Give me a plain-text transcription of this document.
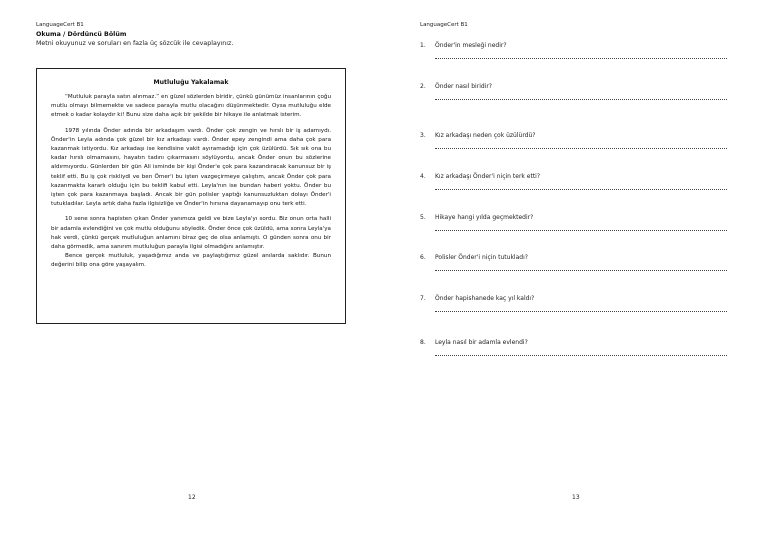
LanguageCert B1
Okuma / Dördüncü Bölüm
Metni okuyunuz ve soruları en fazla üç sözcük ile cevaplayınız.
Mutluluğu Yakalamak

“Mutluluk parayla satın alınmaz.” en güzel sözlerden biridir, çünkü günümüz insanlarının çoğu mutlu olmayı bilmemekte ve sadece parayla mutlu olacağını düşünmektedir. Oysa mutluluğu elde etmek o kadar kolaydır ki! Bunu size daha açık bir şekilde bir hikaye ile anlatmak isterim.

1978 yılında Önder adında bir arkadaşım vardı. Önder çok zengin ve hırslı bir iş adamıydı. Önder'in Leyla adında çok güzel bir kız arkadaşı vardı. Önder epey zengindi ama daha çok para kazanmak istiyordu. Kız arkadaşı ise kendisine vakit ayıramadığı için çok üzülürdü. Sık sık ona bu kadar hırslı olmamasını, hayatın tadını çıkarmasını söylüyordu, ancak Önder onun bu sözlerine aldırmıyordu. Günlerden bir gün Ali isminde bir kişi Önder'e çok para kazandıracak kanunsuz bir iş teklif etti. Bu iş çok riskliydi ve ben Ömer'i bu işten vazgeçirmeye çalıştım, ancak Önder çok para kazanmakta kararlı olduğu için bu teklifi kabul etti. Leyla'nın ise bundan haberi yoktu. Önder bu işten çok para kazanmaya başladı. Ancak bir gün polisler yaptığı kanunsuzluktan dolayı Önder'i tutukladılar. Leyla artık daha fazla ilgisizliğe ve Önder'in hırsına dayanamayıp onu terk etti.

10 sene sonra hapisten çıkan Önder yanımıza geldi ve bize Leyla'yı sordu. Biz onun orta halli bir adamla evlendiğini ve çok mutlu olduğunu söyledik. Önder önce çok üzüldü, ama sonra Leyla'ya hak verdi, çünkü gerçek mutluluğun anlamını biraz geç de olsa anlamıştı. O günden sonra onu bir daha görmedik, ama sanırım mutluluğun parayla ilgisi olmadığını anlamıştır.

Bence gerçek mutluluk, yaşadığımız anda ve paylaştığımız güzel anılarda saklıdır. Bunun değerini bilip ona göre yaşayalım.

12
LanguageCert B1
1. Önder'in mesleği nedir?
2. Önder nasıl biridir?
3. Kız arkadaşı neden çok üzülürdü?
4. Kız arkadaşı Önder'i niçin terk etti?
5. Hikaye hangi yılda geçmektedir?
6. Polisler Önder'i niçin tutukladı?
7. Önder hapishanede kaç yıl kaldı?
8. Leyla nasıl bir adamla evlendi?
13
